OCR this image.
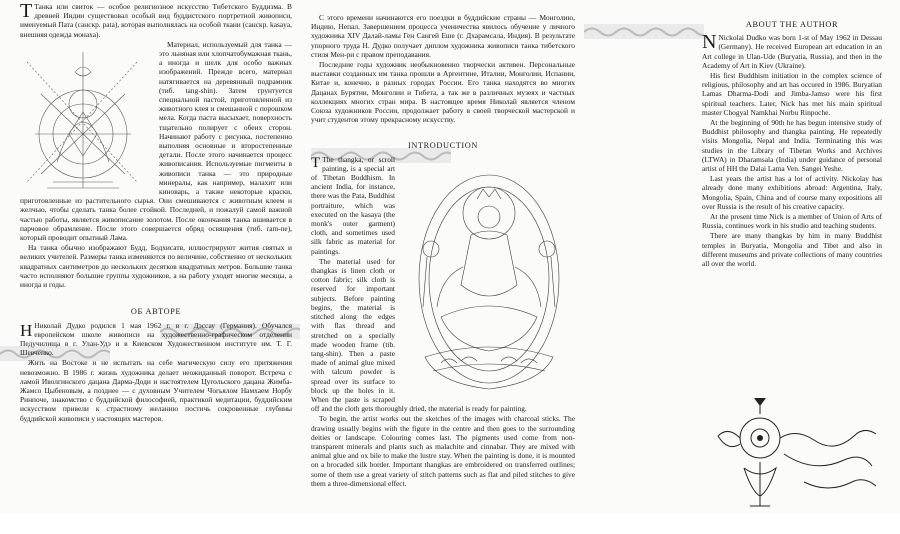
Т Танка или свиток — особое религиозное искусство Тибетского Буддизма. В древней Индии существовал особый вид буддистского портретной живописи, именуемый Пата (санскр. pata), которая выполнялась на особой ткани (санскр. kasaya, внешняя одежда монаха).

Материал, используемый для танка — это льняная или хлопчатобумажная ткань, а иногда и шелк для особо важных изображений. Прежде всего, материал натягивается на деревянный подрамник (тиб. tang-shin). Затем грунтуется специальной пастой, приготовленной из животного клея и смешанной с порошком мела. Когда паста высыхает, поверхность тщательно полирует с обеих сторон. Начинают работу с рисунка, постепенно выполняя основные и второстепенные детали. После этого начинается процесс живописания. Используемые пигменты в живописи танка — это природные минералы, как например, малахит или киноварь, а также некоторые краски, приготовленные из растительного сырья. Они смешиваются с животным клеем и желчью, чтобы сделать танка более стойкой. Последней, и пожалуй самой важной частью работы, является живописание золотом. После окончания танка вшивается в парчовое обрамление. После этого совершается обряд освящения (тиб. ram-ne), который проводит опытный Лама.

На танка обычно изображают Будд, Бодхисатв, иллюстрируют жития святых и великих учителей. Размеры танка изменяются по величине, собственно от нескольких квадратных сантиметров до нескольких десятков квадратных метров. Большие танка часто исполняют большие группы художников, а на работу уходят многие месяцы, а иногда и годы.

ОБ АВТОРЕ

Н Николай Дудко родился 1 мая 1962 г. в г. Дэссау (Германия). Обучался европейском школе живописи на художественно-графическом отделении Педучилища в г. Улан-Удэ и в Киевском Художественном институте им. Т. Г. Шевченко.

Жить на Востоке и не испытать на себе магическую силу его притяжения невозможно. В 1986 г. жизнь художника делает неожиданный поворот. Встреча с ламой Иволгинского дацана Дарма-Доди и настоятелем Цугольского дацана Жимба-Жамсо Цыбеновым, а позднее — с духовным Учителем Чогьялом Намхаем Норбу Ринпоче, знакомство с буддийской философией, практикой медитации, буддийским искусством привели к страстному желанию постичь сокровенные глубины буддийской живописи у настоящих мастеров.

С этого времени начинаются его поездки в буддийские страны — Монголию, Индию, Непал. Завершением процесса ученичества явилось обучение у личного художника XIV Далай-ламы Ген Сангей Еше (г. Дхарамсала, Индия). В результате упорного труда Н. Дудко получает диплом художника живописи танка тибетского стиля Мен-ри с правом преподавания.

Последние годы художник необыкновенно творчески активен. Персональные выставки созданных им танка прошли в Аргентине, Италии, Монголии, Испании, Китае и, конечно, в разных городах России. Его танка находятся во многих Дацанах Бурятии, Монголии и Тибета, а так же в различных музеях и частных коллекциях многих стран мира. В настоящее время Николай является членом Союза художников России, продолжает работу в своей творческой мастерской и учит студентов этому прекрасному искусству.

INTRODUCTION

T The thangka, or scroll painting, is a special art of Tibetan Buddhism. In ancient India, for instance, there was the Pata, Buddhist portraiture, which was executed on the kasaya (the monk's outer garment) cloth, and sometimes used silk fabric as material for paintings.

The material used for thangkas is linen cloth or cotton fabric; silk cloth is reserved for important subjects. Before painting begins, the material is stitched along the edges with flax thread and stretched on a specially made wooden frame (tib. tang-shin). Then a paste made of animal glue mixed with talcum powder is spread over its surface to block up the holes in it. When the paste is scraped off and the cloth gets thoroughly dried, the material is ready for painting.

To begin, the artist works out the sketches of the images with charcoal sticks. The drawing usually begins with the figure in the centre and then goes to the surrounding deities or landscape. Colouring comes last. The pigments used come from non-transparent minerals and plants such as malachite and cinnabar. They are mixed with animal glue and ox bile to make the lustre stay. When the painting is done, it is mounted on a brocaded silk border. Important thangkas are embroidered on transferred outlines; some of them use a great variety of stitch patterns such as flat and piled stitches to give them a three-dimensional effect.

ABOUT THE AUTHOR

N Nickolai Dudko was born 1-st of May 1962 in Dessau (Germany). He received European art education in an Art college in Ulan-Ude (Buryatia, Russia), and then in the Academy of Art in Kiev (Ukraine).

His first Buddhism initiation in the complex science of religious, philosophy and art has occured in 1986. Buryatian Lamas Dharma-Dodi and Jimba-Jamso were his first spiritual teachers. Later, Nick has met his main spiritual master Chogyal Namkhai Norbu Rinpoche.

At the beginning of 90th he has begun intensive study of Buddhist philosophy and thangka painting. He repeatedly visits Mongolia, Nepal and India. Terminating this was studies in the Library of Tibetan Works and Archives (LTWA) in Dharamsala (India) under guidance of personal artist of HH the Dalai Lama Ven. Sangei Yeshe.

Last years the artist has a lot of activity. Nickolay has already done many exhibitions abroad: Argentina, Italy, Mongolia, Spain, China and of course many expositions all over Russia is the result of his creative capacity.

At the present time Nick is a member of Union of Arts of Russia, continues work in his studio and teaching students.

There are many thangkas by him in many Buddhist temples in Buryatia, Mongolia and Tibet and also in different museums and private collections of many countries all over the world.
